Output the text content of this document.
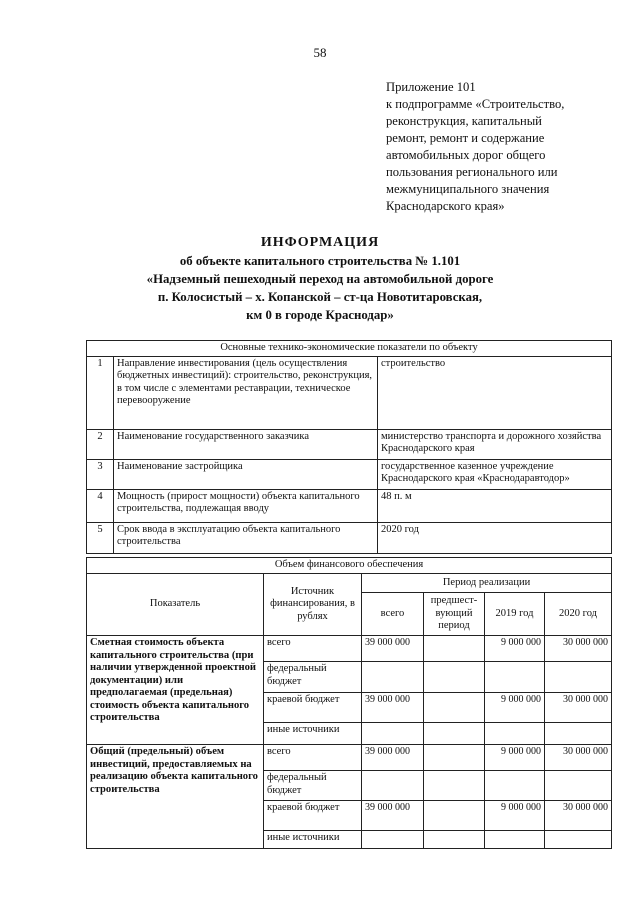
58
Приложение 101
к подпрограмме «Строительство,
реконструкция, капитальный
ремонт, ремонт и содержание
автомобильных дорог общего
пользования регионального или
межмуниципального значения
Краснодарского края»
ИНФОРМАЦИЯ
об объекте капитального строительства № 1.101
«Надземный пешеходный переход на автомобильной дороге
п. Колосистый – х. Копанской – ст-ца Новотитаровская,
км 0 в городе Краснодар»
Основные технико-экономические показатели по объекту		
1	Направление инвестирования (цель осуществления бюджетных инвестиций): строительство, реконструкция, в том числе с элементами реставрации, техническое перевооружение	строительство
2	Наименование государственного заказчика	министерство транспорта и дорожного хозяйства Краснодарского края
3	Наименование застройщика	государственное казенное учреждение Краснодарского края «Краснодаравтодор»
4	Мощность (прирост мощности) объекта капитального строительства, подлежащая вводу	48 п. м
5	Срок ввода в эксплуатацию объекта капитального строительства	2020 год
Объем финансового обеспечения					
Показатель	Источник финансирования, в рублях	Период реализации			
		всего	предшест-вующий период	2019 год	2020 год
Сметная стоимость объекта капитального строительства (при наличии утвержденной проектной документации) или предполагаемая (предельная) стоимость объекта капитального строительства	всего	39 000 000		9 000 000	30 000 000
	федеральный бюджет				
	краевой бюджет	39 000 000		9 000 000	30 000 000
	иные источники				
Общий (предельный) объем инвестиций, предоставляемых на реализацию объекта капитального строительства	всего	39 000 000		9 000 000	30 000 000
	федеральный бюджет				
	краевой бюджет	39 000 000		9 000 000	30 000 000
	иные источники				
